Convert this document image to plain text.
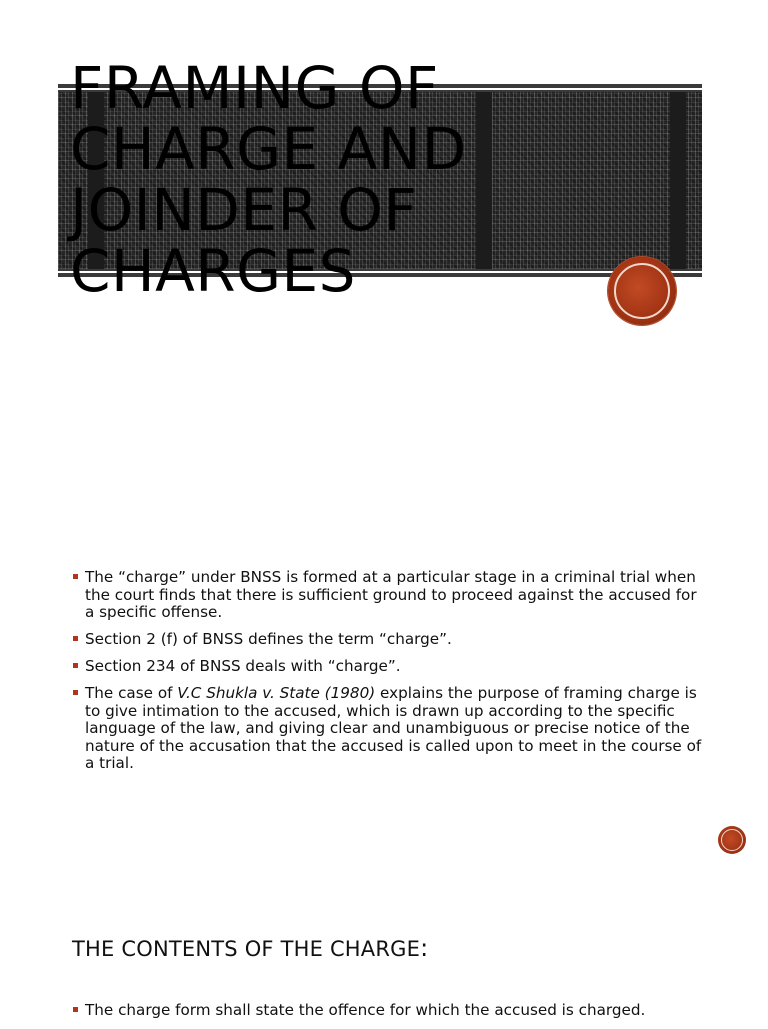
FRAMING OF CHARGE AND JOINDER OF CHARGES
The “charge” under BNSS is formed at a particular stage in a criminal trial when the court finds that there is sufficient ground to proceed against the accused for a specific offense.
Section 2 (f) of BNSS defines the term “charge”.
Section 234 of BNSS deals with “charge”.
The case of V.C Shukla v. State (1980) explains the purpose of framing charge is to give intimation to the accused, which is drawn up according to the specific language of the law, and giving clear and unambiguous or precise notice of the nature of the accusation that the accused is called upon to meet in the course of a trial.
THE CONTENTS OF THE CHARGE:
The charge form shall state the offence for which the accused is charged.
